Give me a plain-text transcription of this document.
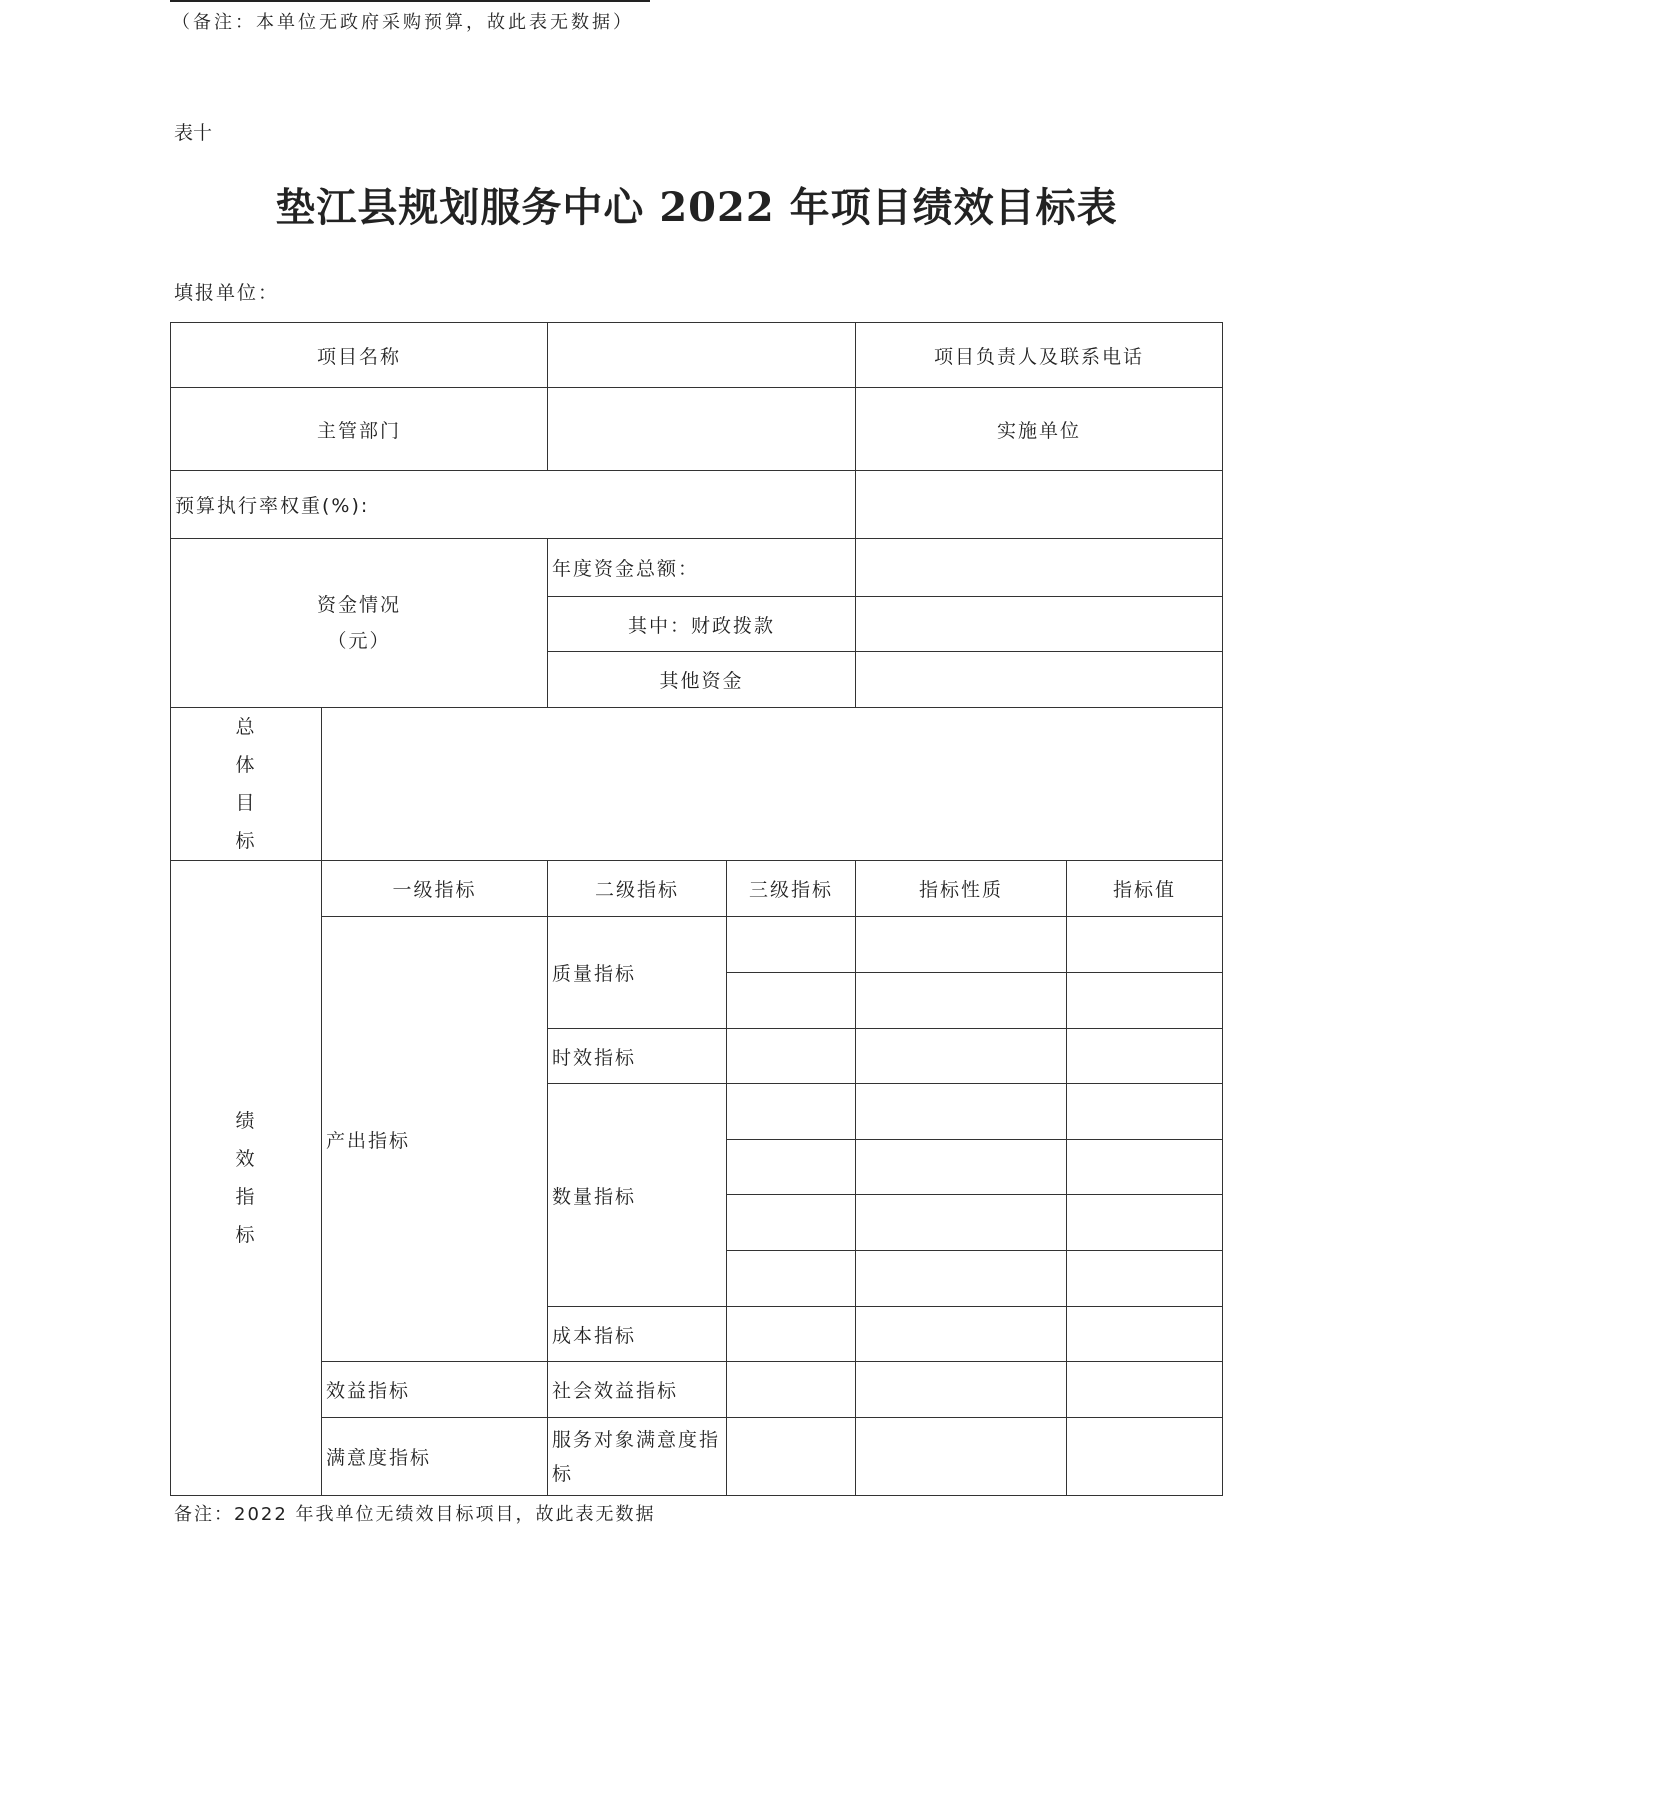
（备注：本单位无政府采购预算，故此表无数据）
表十
垫江县规划服务中心 2022 年项目绩效目标表
填报单位：
项目名称				项目负责人及联系电话	
主管部门				实施单位	
预算执行率权重(%):					

资金情况
（元）		年度资金总额：			
		其中：财政拨款			
		其他资金			

总
体
目
标					

绩
效
指
标	一级指标	二级指标	三级指标	指标性质	指标值
	产出指标	质量指标			

		时效指标			
		数量指标			

		成本指标			
	效益指标	社会效益指标			
	满意度指标	服务对象满意度指标			
备注：2022 年我单位无绩效目标项目，故此表无数据
